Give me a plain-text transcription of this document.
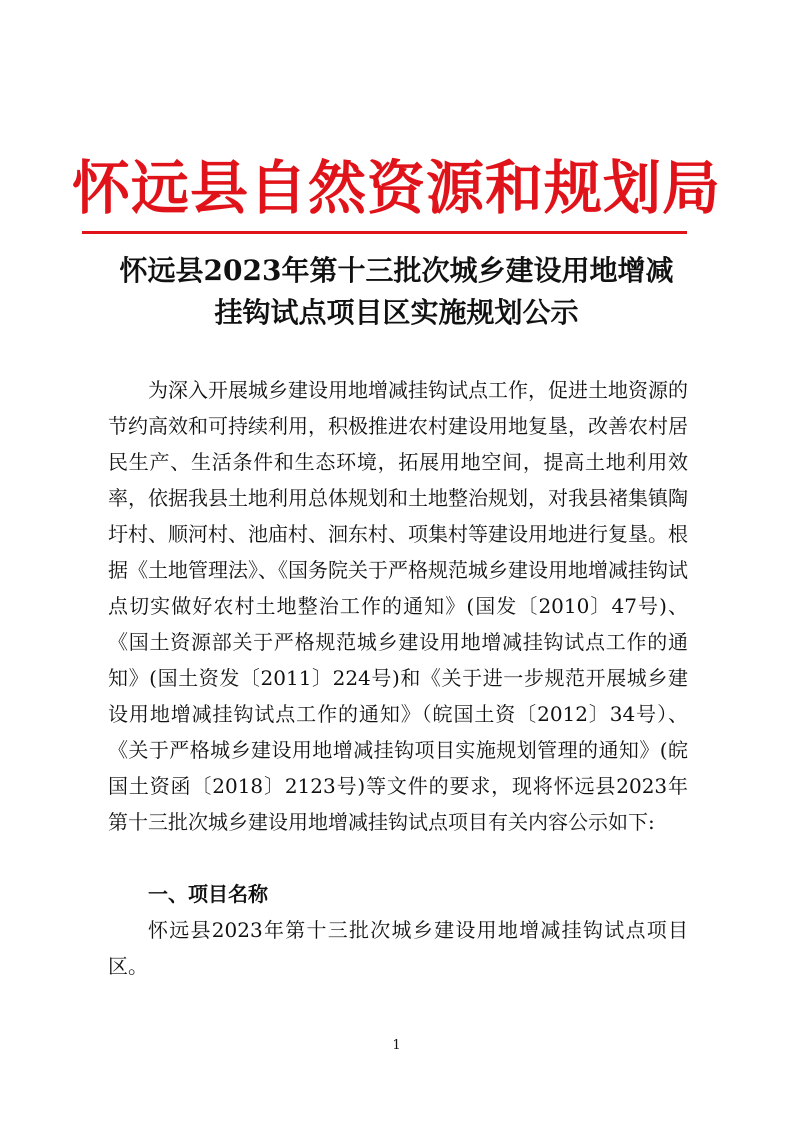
怀远县自然资源和规划局
怀远县2023年第十三批次城乡建设用地增减
挂钩试点项目区实施规划公示

为深入开展城乡建设用地增减挂钩试点工作，促进土地资源的节约高效和可持续利用，积极推进农村建设用地复垦，改善农村居民生产、生活条件和生态环境，拓展用地空间，提高土地利用效率，依据我县土地利用总体规划和土地整治规划，对我县褚集镇陶圩村、顺河村、池庙村、洄东村、项集村等建设用地进行复垦。根据《土地管理法》、《国务院关于严格规范城乡建设用地增减挂钩试点切实做好农村土地整治工作的通知》(国发〔2010〕47号)、《国土资源部关于严格规范城乡建设用地增减挂钩试点工作的通知》(国土资发〔2011〕224号)和《关于进一步规范开展城乡建设用地增减挂钩试点工作的通知》（皖国土资〔2012〕34号）、《关于严格城乡建设用地增减挂钩项目实施规划管理的通知》(皖国土资函〔2018〕2123号)等文件的要求，现将怀远县2023年第十三批次城乡建设用地增减挂钩试点项目有关内容公示如下:

一、项目名称

怀远县2023年第十三批次城乡建设用地增减挂钩试点项目区。

1
